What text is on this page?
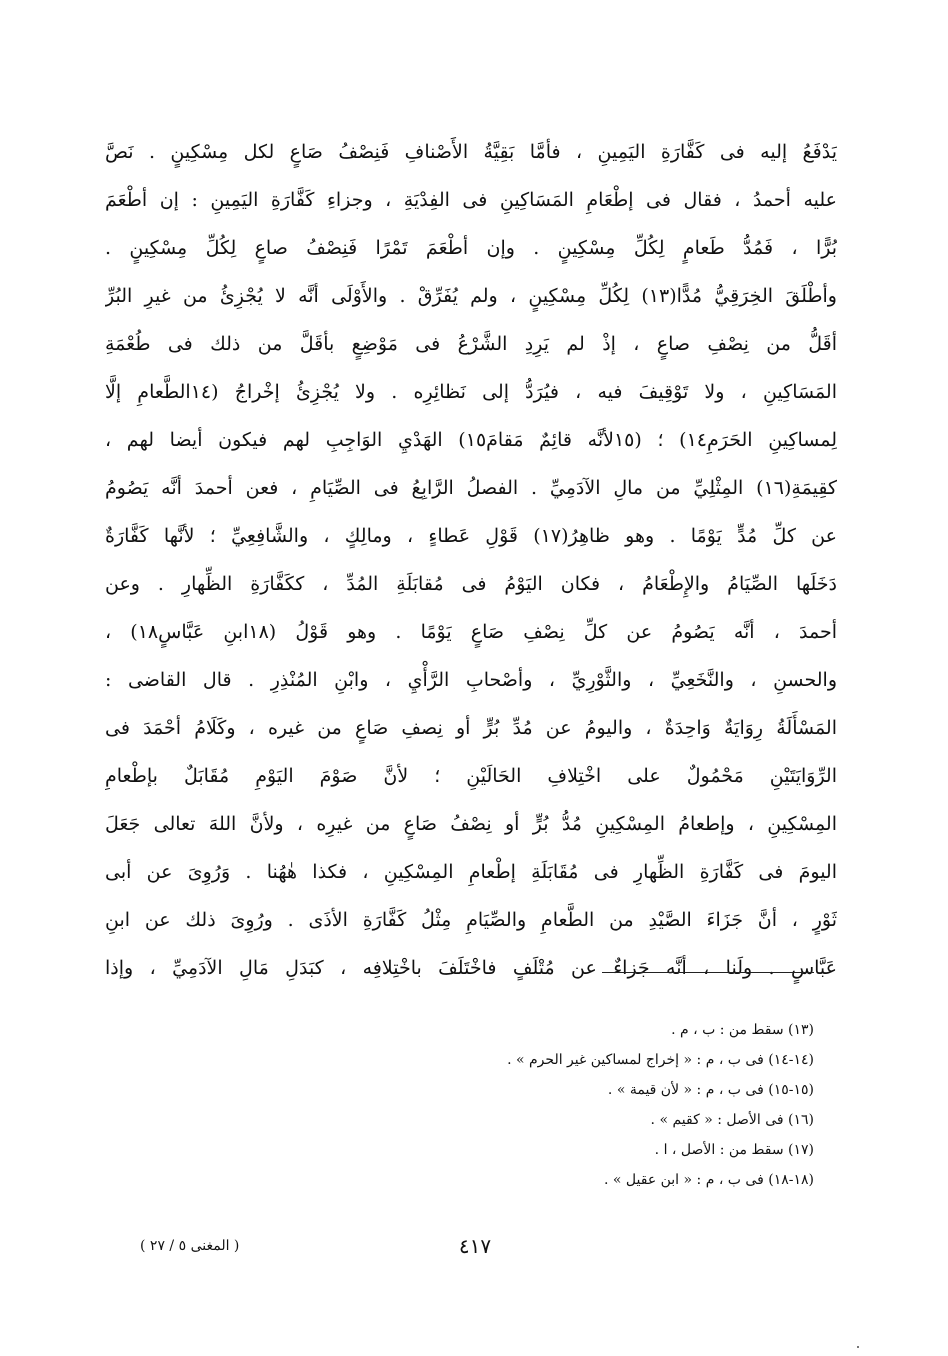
يَدْفَعُ إليه فى كَفَّارَةِ اليَمِينِ ، فأمَّا بَقِيَّةُ الأَصْنافِ فَنِصْفُ صَاعٍ لكل مِسْكِينٍ . نَصَّ
عليه أحمدُ ، فقال فى إطْعَامِ المَسَاكِينِ فى الفِدْيَةِ ، وجزاءِ كَفَّارَةِ اليَمِينِ : إن أطْعَمَ
بُرًّا ، فَمُدُّ طَعامٍ لِكُلِّ مِسْكِينٍ . وإن أطْعَمَ تَمْرًا فَنِصْفُ صاعٍ لِكُلِّ مِسْكِينٍ .
وأطْلَقَ الخِرَقِيُّ مُدًّا(١٣) لِكُلِّ مِسْكِينٍ ، ولم يُفَرِّقْ . والأَوْلَى أنَّه لا يُجْزِئُ من غيرِ البُرِّ
أقَلُّ من نِصْفِ صاعٍ ، إذْ لم يَرِدِ الشَّرْعُ فى مَوْضِعٍ بأقَلَّ من ذلك فى طُعْمَةِ
المَسَاكِينِ ، ولا تَوْقِيفَ فيه ، فيُرَدُّ إلى نَظائِرِه . ولا يُجْزِئُ إخْراجُ (١٤الطَّعامِ إلَّا
لِمساكِينِ الحَرَمِ١٤) ؛ (١٥لأنَّه قائِمٌ مَقامَ١٥) الهَدْيِ الوَاجِبِ لهم فيكون أيضا لهم ،
كقِيمَةِ(١٦) المِثْلِيِّ من مالِ الآدَمِيِّ . الفصلُ الرَّابِعُ فى الصِّيَامِ ، فعن أحمدَ أنَّه يَصُومُ
عن كلِّ مُدٍّ يَوْمًا . وهو ظاهِرُ(١٧) قَوْلِ عَطاءٍ ، ومالِكٍ ، والشَّافِعِيِّ ؛ لأنَّها كَفَّارَةٌ
دَخَلَها الصِّيَامُ والإِطْعَامُ ، فكان اليَوْمُ فى مُقابَلَةِ المُدِّ ، ككَفَّارَةِ الظِّهارِ . وعن
أحمدَ ، أنَّه يَصُومُ عن كلِّ نِصْفِ صَاعٍ يَوْمًا . وهو قَوْلُ (١٨ابنِ عَبَّاسٍ١٨) ،
والحسنِ ، والنَّخَعِيِّ ، والثَّوْرِيِّ ، وأصْحابِ الرَّأْيِ ، وابْنِ المُنْذِرِ . قال القاضى :
المَسْأَلَةُ رِوَايَةٌ وَاحِدَةٌ ، واليومُ عن مُدِّ بُرٍّ أو نِصفِ صَاعٍ من غيره ، وكَلَامُ أحْمَدَ فى
الرِّوَايَتَيْنِ مَحْمُولٌ على اخْتِلافِ الحَالَيْنِ ؛ لأنَّ صَوْمَ اليَوْمِ مُقَابَلٌ بإطْعامِ
المِسْكِينِ ، وإطعامُ المِسْكِينِ مُدُّ بُرٍّ أو نِصْفُ صَاعٍ من غيرِه ، ولأنَّ اللهَ تعالى جَعَلَ
اليومَ فى كَفَّارَةِ الظِّهارِ فى مُقَابَلَةِ إطْعامِ المِسْكِينِ ، فكذا هٰهُنا . وَرُوِىَ عن أبى
ثَوْرٍ ، أنَّ جَزَاءَ الصَّيْدِ من الطَّعامِ والصِّيَامِ مِثْلُ كَفَّارَةِ الأذَى . ورُوِىَ ذلك عن ابنِ
عَبَّاسٍ . ولَنا ، أنَّه جَزاءٌ عن مُتْلَفٍ فاخْتَلَفَ باخْتِلافِه ، كبَدَلِ مَالِ الآدَمِيِّ ، وإذا
(١٣) سقط من : ب ، م .
(١٤-١٤) فى ب ، م : « إخراج لمساكين غير الحرم » .
(١٥-١٥) فى ب ، م : « لأن قيمة » .
(١٦) فى الأصل : « كقيم » .
(١٧) سقط من : الأصل ، ا .
(١٨-١٨) فى ب ، م : « ابن عقيل » .
٤١٧
( المغنى ٥ / ٢٧ )
